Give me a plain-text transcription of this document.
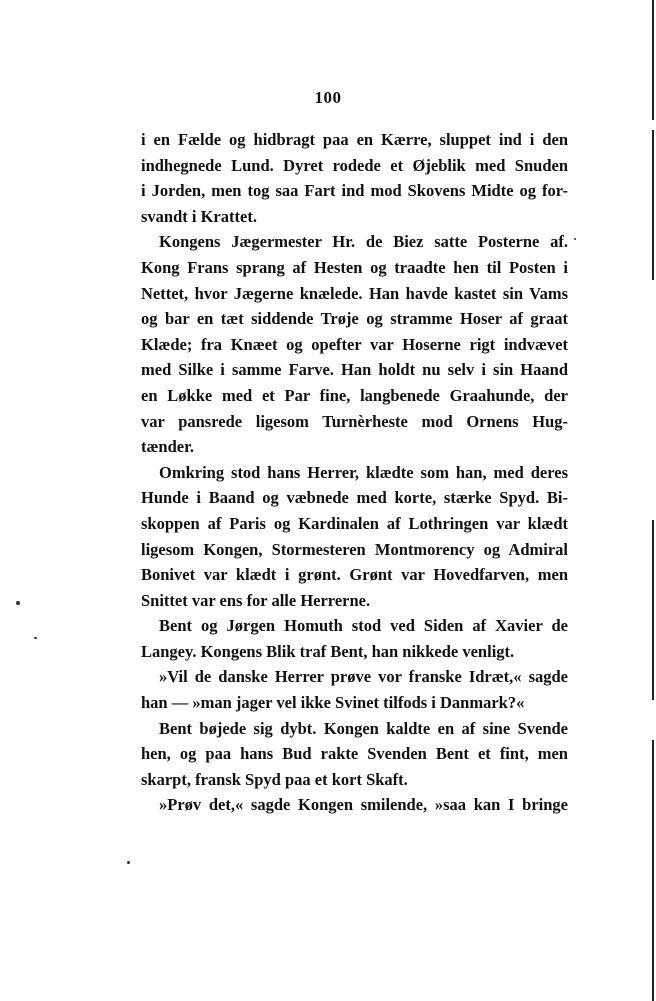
100

i en Fælde og hidbragt paa en Kærre, sluppet ind i den
indhegnede Lund. Dyret rodede et Øjeblik med Snuden
i Jorden, men tog saa Fart ind mod Skovens Midte og for-
svandt i Krattet.

Kongens Jægermester Hr. de Biez satte Posterne af.
Kong Frans sprang af Hesten og traadte hen til Posten i
Nettet, hvor Jægerne knælede. Han havde kastet sin Vams
og bar en tæt siddende Trøje og stramme Hoser af graat
Klæde; fra Knæet og opefter var Hoserne rigt indvævet
med Silke i samme Farve. Han holdt nu selv i sin Haand
en Løkke med et Par fine, langbenede Graahunde, der
var pansrede ligesom Turnèrheste mod Ornens Hug-
tænder.

Omkring stod hans Herrer, klædte som han, med deres
Hunde i Baand og væbnede med korte, stærke Spyd. Bi-
skoppen af Paris og Kardinalen af Lothringen var klædt
ligesom Kongen, Stormesteren Montmorency og Admiral
Bonivet var klædt i grønt. Grønt var Hovedfarven, men
Snittet var ens for alle Herrerne.

Bent og Jørgen Homuth stod ved Siden af Xavier de
Langey. Kongens Blik traf Bent, han nikkede venligt.

»Vil de danske Herrer prøve vor franske Idræt,« sagde
han — »man jager vel ikke Svinet tilfods i Danmark?«

Bent bøjede sig dybt. Kongen kaldte en af sine Svende
hen, og paa hans Bud rakte Svenden Bent et fint, men
skarpt, fransk Spyd paa et kort Skaft.

»Prøv det,« sagde Kongen smilende, »saa kan I bringe
